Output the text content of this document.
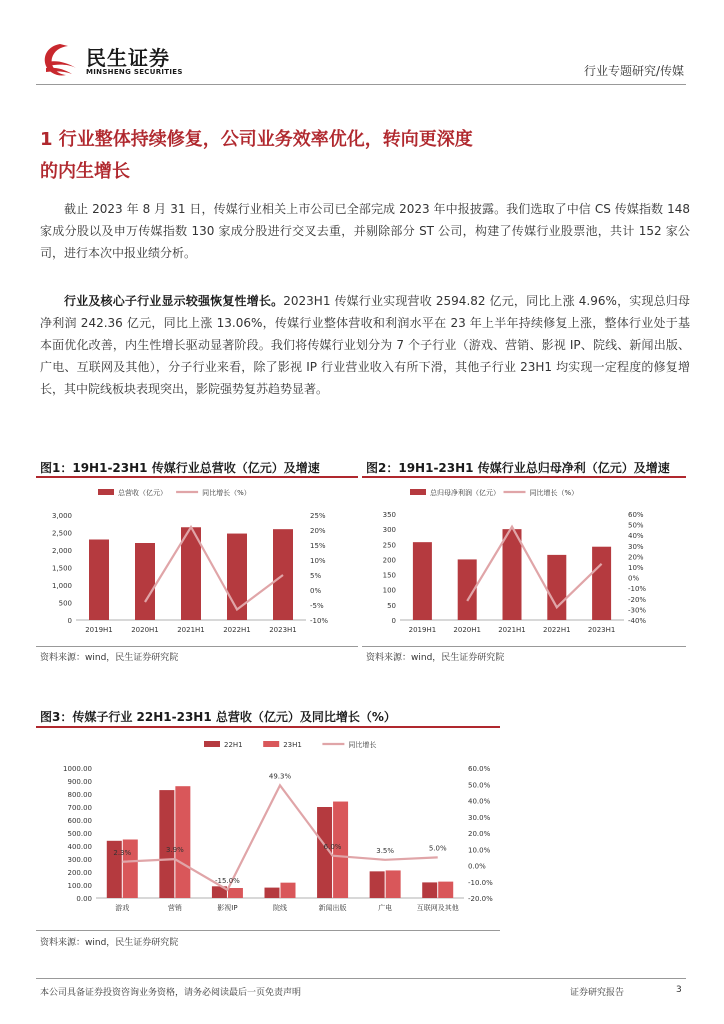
民生证券
MINSHENG SECURITIES	行业专题研究/传媒
1 行业整体持续修复，公司业务效率优化，转向更深度的内生增长
截止 2023 年 8 月 31 日，传媒行业相关上市公司已全部完成 2023 年中报披露。我们选取了中信 CS 传媒指数 148 家成分股以及申万传媒指数 130 家成分股进行交叉去重，并剔除部分 ST 公司，构建了传媒行业股票池，共计 152 家公司，进行本次中报业绩分析。
行业及核心子行业显示较强恢复性增长。2023H1 传媒行业实现营收 2594.82 亿元，同比上涨 4.96%，实现总归母净利润 242.36 亿元，同比上涨 13.06%，传媒行业整体营收和利润水平在 23 年上半年持续修复上涨，整体行业处于基本面优化改善，内生性增长驱动显著阶段。我们将传媒行业划分为 7 个子行业（游戏、营销、影视 IP、院线、新闻出版、广电、互联网及其他），分子行业来看，除了影视 IP 行业营业收入有所下滑，其他子行业 23H1 均实现一定程度的修复增长，其中院线板块表现突出，影院强势复苏趋势显著。
图1：19H1-23H1 传媒行业总营收（亿元）及增速
0
500
1,000
1,500
2,000
2,500
3,000
-10%
-5%
0%
5%
10%
15%
20%
25%
2019H1	2020H1	2021H1	2022H1	2023H1
总营收（亿元）	同比增长（%）
资料来源：wind，民生证券研究院
图2：19H1-23H1 传媒行业总归母净利（亿元）及增速
0
50
100
150
200
250
300
350
-40%
-30%
-20%
-10%
0%
10%
20%
30%
40%
50%
60%
2019H1 2020H1 2021H1 2022H1 2023H1
总归母净利润（亿元）	同比增长（%）
资料来源：wind，民生证券研究院
图3：传媒子行业 22H1-23H1 总营收（亿元）及同比增长（%）
0.00
100.00
200.00
300.00
400.00
500.00
600.00
700.00
800.00
900.00
1000.00
-20.0%
-10.0%
0.0%
10.0%
20.0%
30.0%
40.0%
50.0%
60.0%
游戏	营销	影视IP	院线	新闻出版	广电	互联网及其他
2.3%	3.9%
-15.0%
49.3%
6.0%
3.5%	5.0%
22H1	23H1	同比增长
资料来源：wind，民生证券研究院
本公司具备证券投资咨询业务资格，请务必阅读最后一页免责声明	证券研究报告	3
